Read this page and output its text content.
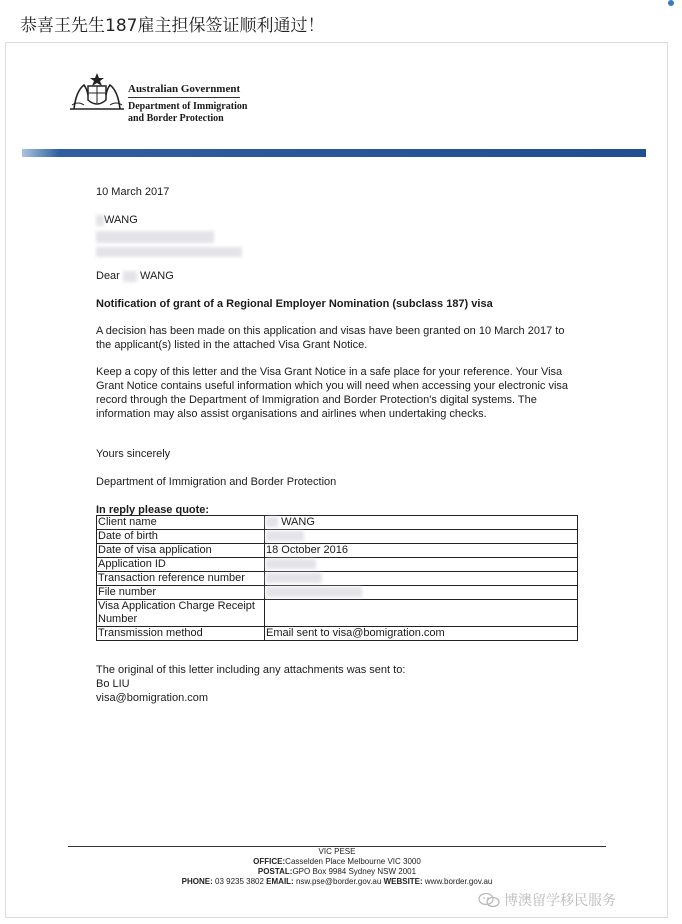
恭喜王先生187雇主担保签证顺利通过！
Australian Government
Department of Immigration
and Border Protection
10 March 2017
WANG

Dear WANG
Notification of grant of a Regional Employer Nomination (subclass 187) visa
A decision has been made on this application and visas have been granted on 10 March 2017 to the applicant(s) listed in the attached Visa Grant Notice.
Keep a copy of this letter and the Visa Grant Notice in a safe place for your reference. Your Visa Grant Notice contains useful information which you will need when accessing your electronic visa record through the Department of Immigration and Border Protection's digital systems. The information may also assist organisations and airlines when undertaking checks.
Yours sincerely
Department of Immigration and Border Protection
In reply please quote:
Client name	WANG
Date of birth	
Date of visa application	18 October 2016
Application ID	
Transaction reference number	
File number	
Visa Application Charge Receipt Number	
Transmission method	Email sent to visa@bomigration.com
The original of this letter including any attachments was sent to:
Bo LIU
visa@bomigration.com
VIC PESE
OFFICE:Casselden Place Melbourne VIC 3000
POSTAL:GPO Box 9984 Sydney NSW 2001
PHONE: 03 9235 3802 EMAIL: nsw.pse@border.gov.au WEBSITE: www.border.gov.au
博澳留学移民服务
